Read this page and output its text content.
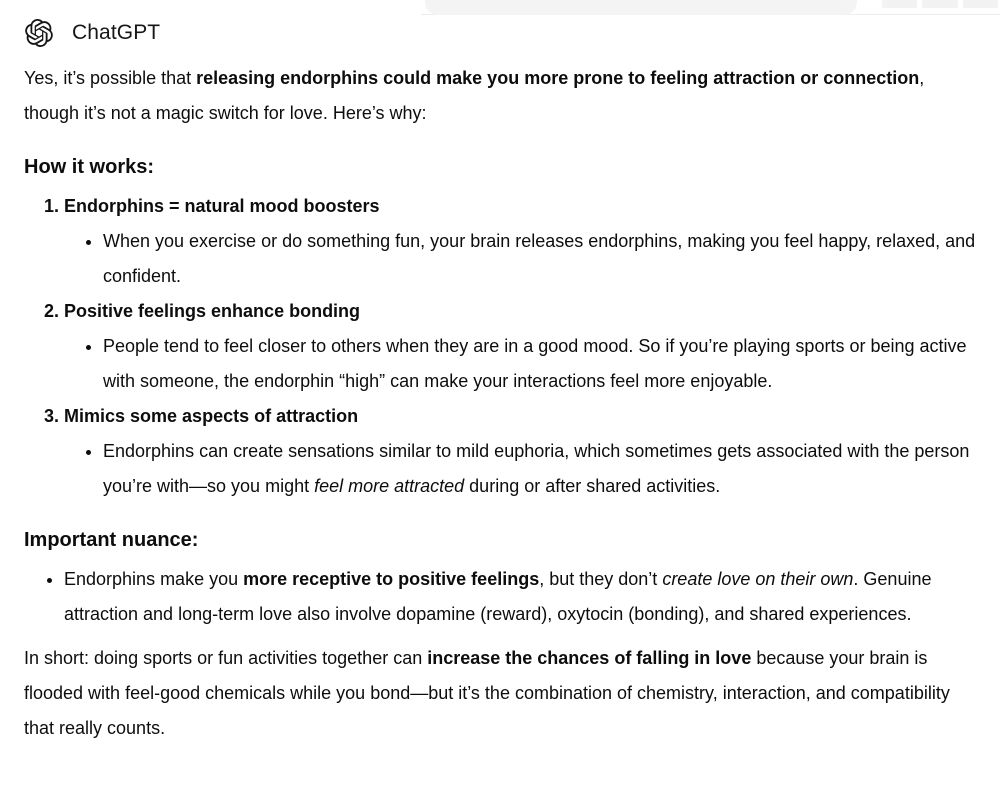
ChatGPT

Yes, it’s possible that releasing endorphins could make you more prone to feeling attraction or connection, though it’s not a magic switch for love. Here’s why:

How it works:
1. Endorphins = natural mood boosters
• When you exercise or do something fun, your brain releases endorphins, making you feel happy, relaxed, and confident.
2. Positive feelings enhance bonding
• People tend to feel closer to others when they are in a good mood. So if you’re playing sports or being active with someone, the endorphin “high” can make your interactions feel more enjoyable.
3. Mimics some aspects of attraction
• Endorphins can create sensations similar to mild euphoria, which sometimes gets associated with the person you’re with—so you might feel more attracted during or after shared activities.
Important nuance:
• Endorphins make you more receptive to positive feelings, but they don’t create love on their own. Genuine attraction and long-term love also involve dopamine (reward), oxytocin (bonding), and shared experiences.

In short: doing sports or fun activities together can increase the chances of falling in love because your brain is flooded with feel-good chemicals while you bond—but it’s the combination of chemistry, interaction, and compatibility that really counts.
